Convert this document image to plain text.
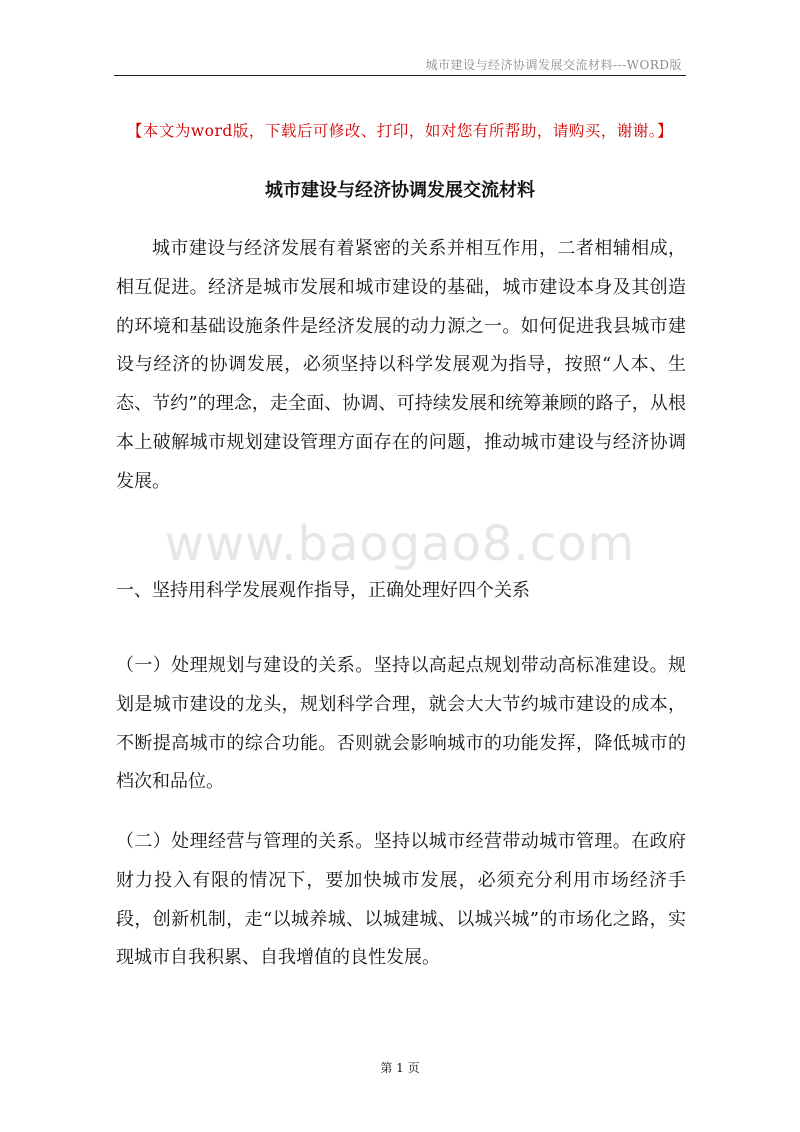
城市建设与经济协调发展交流材料---WORD版
【本文为word版，下载后可修改、打印，如对您有所帮助，请购买，谢谢。】
城市建设与经济协调发展交流材料

城市建设与经济发展有着紧密的关系并相互作用，二者相辅相成，相互促进。经济是城市发展和城市建设的基础，城市建设本身及其创造的环境和基础设施条件是经济发展的动力源之一。如何促进我县城市建设与经济的协调发展，必须坚持以科学发展观为指导，按照“人本、生态、节约”的理念，走全面、协调、可持续发展和统筹兼顾的路子，从根本上破解城市规划建设管理方面存在的问题，推动城市建设与经济协调发展。

www.baogao8.com
一、坚持用科学发展观作指导，正确处理好四个关系

（一）处理规划与建设的关系。坚持以高起点规划带动高标准建设。规划是城市建设的龙头，规划科学合理，就会大大节约城市建设的成本，不断提高城市的综合功能。否则就会影响城市的功能发挥，降低城市的档次和品位。

（二）处理经营与管理的关系。坚持以城市经营带动城市管理。在政府财力投入有限的情况下，要加快城市发展，必须充分利用市场经济手段，创新机制，走“以城养城、以城建城、以城兴城”的市场化之路，实现城市自我积累、自我增值的良性发展。

第 1 页
